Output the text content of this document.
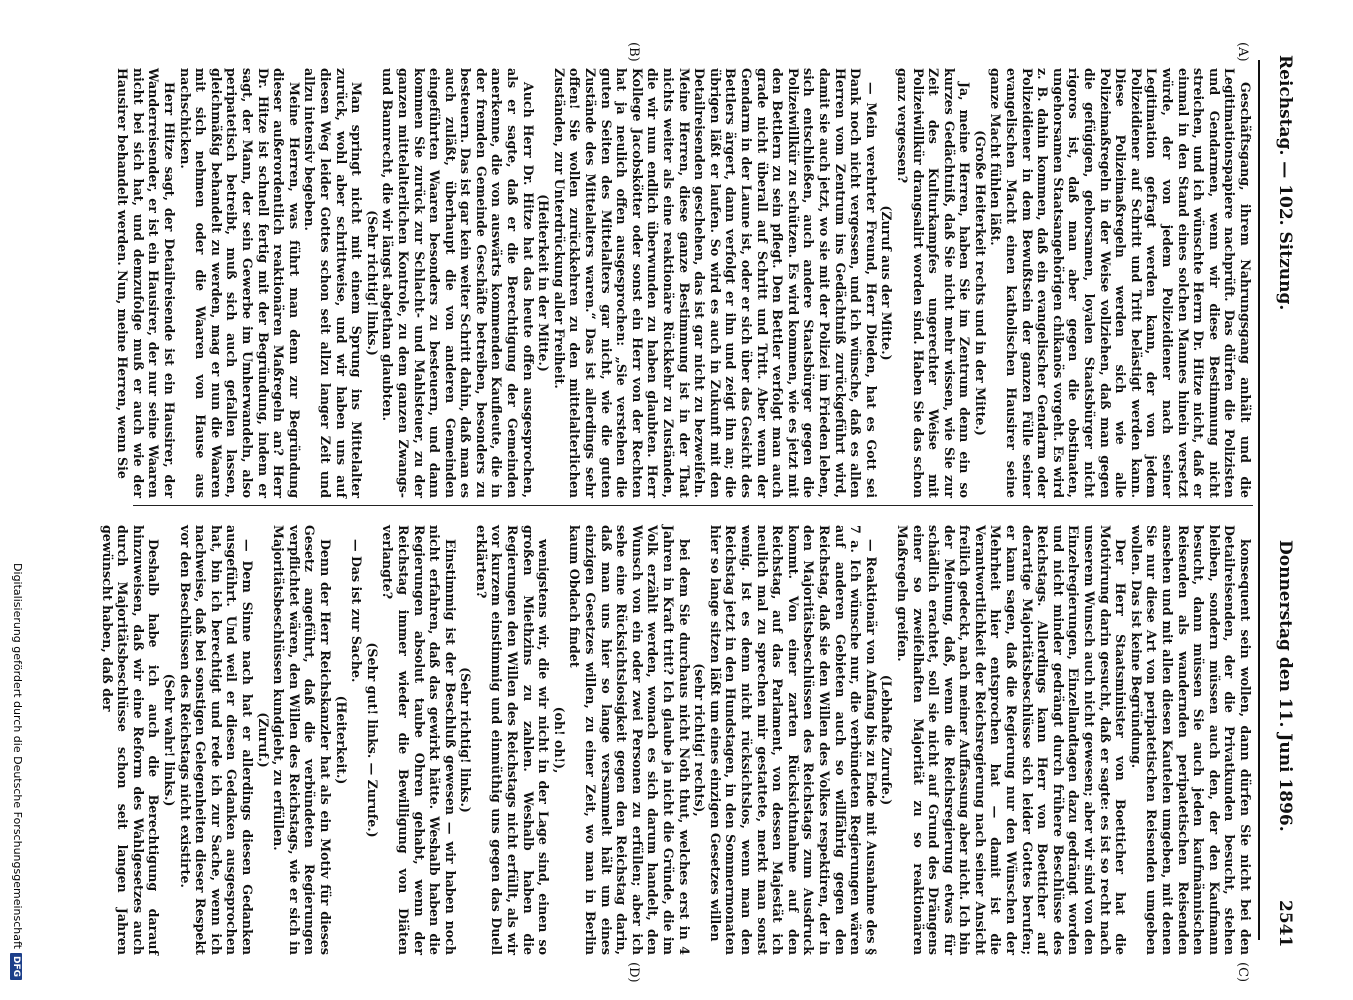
Reichstag. — 102. Sitzung.
Donnerstag den 11. Juni 1896.
2541
(A)
(B)
(C)
(D)

Geschäftsgang, ihrem Nahrungsgang anhält und die Legitimationspapiere nachprüft. Das dürfen die Polizisten und Gendarmen, wenn wir diese Bestimmung nicht streichen, und ich wünschte Herrn Dr. Hitze nicht, daß er einmal in den Stand eines solchen Mannes hinein versetzt würde, der von jedem Polizeidiener nach seiner Legitimation gefragt werden kann, der von jedem Polizeidiener auf Schritt und Tritt belästigt werden kann. Diese Polizeimaßregeln werden sich wie alle Polizeimaßregeln in der Weise vollziehen, daß man gegen die gefügigen, gehorsamen, loyalen Staatsbürger nicht rigoros ist, daß man aber gegen die obstinaten, ungehorsamen Staatsangehörigen chikanös vorgeht. Es wird z. B. dahin kommen, daß ein evangelischer Gendarm oder Polizeidiener in dem Bewußtsein der ganzen Fülle seiner evangelischen Macht einen katholischen Hausirer seine ganze Macht fühlen läßt.

(Große Heiterkeit rechts und in der Mitte.)

Ja, meine Herren, haben Sie im Zentrum denn ein so kurzes Gedächtniß, daß Sie nicht mehr wissen, wie Sie zur Zeit des Kulturkampfes ungerechter Weise mit Polizeiwillkür drangsalirt worden sind. Haben Sie das schon ganz vergessen?

(Zuruf aus der Mitte.)

— Mein verehrter Freund, Herr Dieden, hat es Gott sei Dank noch nicht vergessen, und ich wünsche, daß es allen Herren vom Zentrum ins Gedächtniß zurückgeführt wird, damit sie auch jetzt, wo sie mit der Polizei im Frieden leben, sich entschließen, auch andere Staatsbürger gegen die Polizeiwillkür zu schützen. Es wird kommen, wie es jetzt mit den Bettlern zu sein pflegt. Den Bettler verfolgt man auch grade nicht überall auf Schritt und Tritt. Aber wenn der Gendarm in der Laune ist, oder er sich über das Gesicht des Bettlers ärgert, dann verfolgt er ihn und zeigt ihn an; die übrigen läßt er laufen. So wird es auch in Zukunft mit den Detailreisenden geschehen, das ist gar nicht zu bezweifeln. Meine Herren, diese ganze Bestimmung ist in der That nichts weiter als eine reaktionäre Rückkehr zu Zuständen, die wir nun endlich überwunden zu haben glaubten. Herr Kollege Jacobskötter oder sonst ein Herr von der Rechten hat ja neulich offen ausgesprochen: „Sie verstehen die guten Seiten des Mittelalters gar nicht, wie die guten Zustände des Mittelalters waren.“ Das ist allerdings sehr offen! Sie wollen zurückkehren zu den mittelalterlichen Zuständen, zur Unterdrückung aller Freiheit.

(Heiterkeit in der Mitte.)

Auch Herr Dr. Hitze hat das heute offen ausgesprochen, als er sagte, daß er die Berechtigung der Gemeinden anerkenne, die von auswärts kommenden Kaufleute, die in der fremden Gemeinde Geschäfte betreiben, besonders zu besteuern. Das ist gar kein weiter Schritt dahin, daß man es auch zuläßt, überhaupt die von anderen Gemeinden eingeführten Waaren besonders zu besteuern, und dann kommen Sie zurück zur Schlacht- und Mahlsteuer, zu der ganzen mittelalterlichen Kontrole, zu dem ganzen Zwangs- und Bannrecht, die wir längst abgethan glaubten.

(Sehr richtig! links.)

Man springt nicht mit einem Sprung ins Mittelalter zurück, wohl aber schrittweise, und wir haben uns auf diesen Weg leider Gottes schon seit allzu langer Zeit und allzu intensiv begeben.

Meine Herren, was führt man denn zur Begründung dieser außerordentlich reaktionären Maßregeln an? Herr Dr. Hitze ist schnell fertig mit der Begründung, indem er sagt, der Mann, der sein Gewerbe im Umherwandeln, also peripatetisch betreibt, muß sich auch gefallen lassen, gleichmäßig behandelt zu werden, mag er nun die Waaren mit sich nehmen oder die Waaren von Hause aus nachschicken.

Herr Hitze sagt, der Detailreisende ist ein Hausirer, der Wanderreisender, er ist ein Hausirer, der nur seine Waaren nicht bei sich hat, und demzufolge muß er auch wie der Hausirer behandelt werden. Nun, meine Herren, wenn Sie

konsequent sein wollen, dann dürfen Sie nicht bei den Detailreisenden, der die Privatkunden besucht, stehen bleiben, sondern müssen auch den, der den Kaufmann besucht, dann müssen Sie auch jeden kaufmännischen Reisenden als wandernden peripatetischen Reisenden ansehen und mit allen diesen Kautelen umgeben, mit denen Sie nur diese Art von peripatetischen Reisenden umgeben wollen. Das ist keine Begründung.

Der Herr Staatsminister von Boetticher hat die Motivirung darin gesucht, daß er sagte: es ist so recht nach unserem Wunsch auch nicht gewesen; aber wir sind von den Einzelregierungen, Einzellandtagen dazu gedrängt worden und nicht minder gedrängt durch frühere Beschlüsse des Reichstags. Allerdings kann Herr von Boetticher auf derartige Majoritätsbeschlüsse sich leider Gottes berufen; er kann sagen, daß die Regierung nur den Wünschen der Mehrheit hier entsprochen hat — damit ist die Verantwortlichkeit der Reichsregierung nach seiner Ansicht freilich gedeckt, nach meiner Auffassung aber nicht. Ich bin der Meinung, daß, wenn die Reichsregierung etwas für schädlich erachtet, soll sie nicht auf Grund des Drängens einer so zweifelhaften Majorität zu so reaktionären Maßregeln greifen.

(Lebhafte Zurufe.)

— Reaktionär von Anfang bis zu Ende mit Ausnahme des § 7 a. Ich wünsche nur, die verbündeten Regierungen wären auf anderen Gebieten auch so willfährig gegen den Reichstag, daß sie den Willen des Volkes respektiren, der in den Majoritätsbeschlüssen des Reichstags zum Ausdruck kommt. Von einer zarten Rücksichtnahme auf den Reichstag, auf das Parlament, von dessen Majestät ich neulich mal zu sprechen mir gestattete, merkt man sonst wenig. Ist es denn nicht rücksichtslos, wenn man den Reichstag jetzt in den Hundstagen, in den Sommermonaten hier so lange sitzen läßt um eines einzigen Gesetzes willen

(sehr richtig! rechts),

bei dem Sie durchaus nicht Noth thut, welches erst in 4 Jahren in Kraft tritt? Ich glaube ja nicht die Gründe, die im Volk erzählt werden, wonach es sich darum handelt, den Wunsch von ein oder zwei Personen zu erfüllen; aber ich sehe eine Rücksichtslosigkeit gegen den Reichstag darin, daß man uns hier so lange versammelt hält um eines einzigen Gesetzes willen, zu einer Zeit, wo man in Berlin kaum Obdach findet

(oh! oh!),

wenigstens wir, die wir nicht in der Lage sind, einen so großen Miethzins zu zahlen. Weshalb haben die Regierungen den Willen des Reichstags nicht erfüllt, als wir vor kurzem einstimmig und einmüthig uns gegen das Duell erklärten?

(Sehr richtig! links.)

Einstimmig ist der Beschluß gewesen — wir haben noch nicht erfahren, daß das gewirkt hätte. Weshalb haben die Regierungen absolut taube Ohren gehabt, wenn der Reichstag immer wieder die Bewilligung von Diäten verlangte?

(Sehr gut! links. — Zurufe.)

— Das ist zur Sache.

(Heiterkeit.)

Denn der Herr Reichskanzler hat als ein Motiv für dieses Gesetz angeführt, daß die verbündeten Regierungen verpflichtet wären, den Willen des Reichstags, wie er sich in Majoritätsbeschlüssen kundgiebt, zu erfüllen.

(Zuruf.)

— Dem Sinne nach hat er allerdings diesen Gedanken ausgeführt. Und weil er diesen Gedanken ausgesprochen hat, bin ich berechtigt und rede ich zur Sache, wenn ich nachweise, daß bei sonstigen Gelegenheiten dieser Respekt vor den Beschlüssen des Reichstags nicht existirte.

(Sehr wahr! links.)

Deshalb habe ich auch die Berechtigung darauf hinzuweisen, daß wir eine Reform des Wahlgesetzes auch durch Majoritätsbeschlüsse schon seit langen Jahren gewünscht haben, daß der

Digitalisierung gefördert durch die Deutsche ForschungsgemeinschaftDFG
